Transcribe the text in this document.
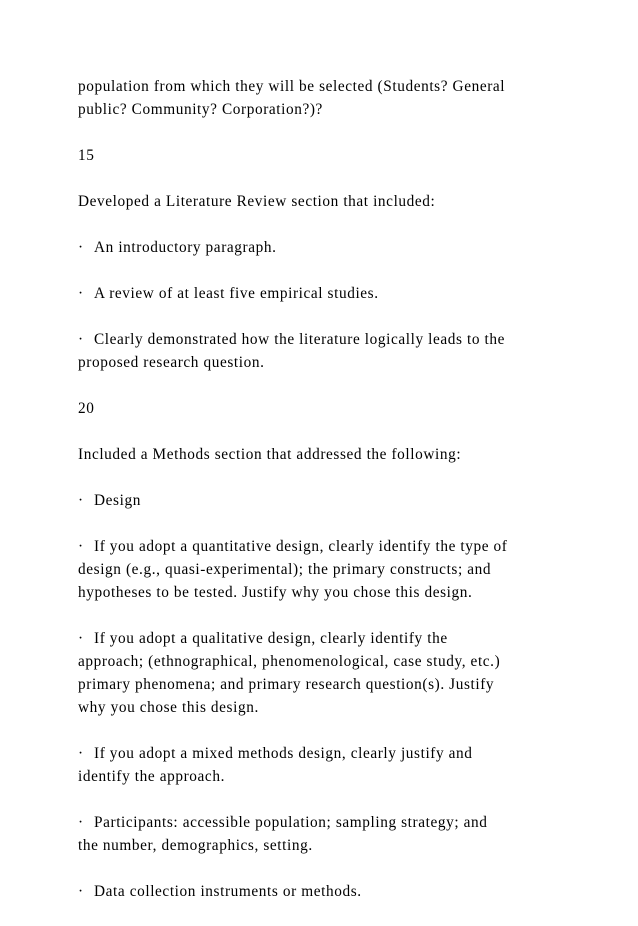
population from which they will be selected (Students? General
public? Community? Corporation?)?

15

Developed a Literature Review section that included:

· An introductory paragraph.

· A review of at least five empirical studies.

· Clearly demonstrated how the literature logically leads to the
proposed research question.

20

Included a Methods section that addressed the following:

· Design

· If you adopt a quantitative design, clearly identify the type of
design (e.g., quasi-experimental); the primary constructs; and
hypotheses to be tested. Justify why you chose this design.

· If you adopt a qualitative design, clearly identify the
approach; (ethnographical, phenomenological, case study, etc.)
primary phenomena; and primary research question(s). Justify
why you chose this design.

· If you adopt a mixed methods design, clearly justify and
identify the approach.

· Participants: accessible population; sampling strategy; and
the number, demographics, setting.

· Data collection instruments or methods.
